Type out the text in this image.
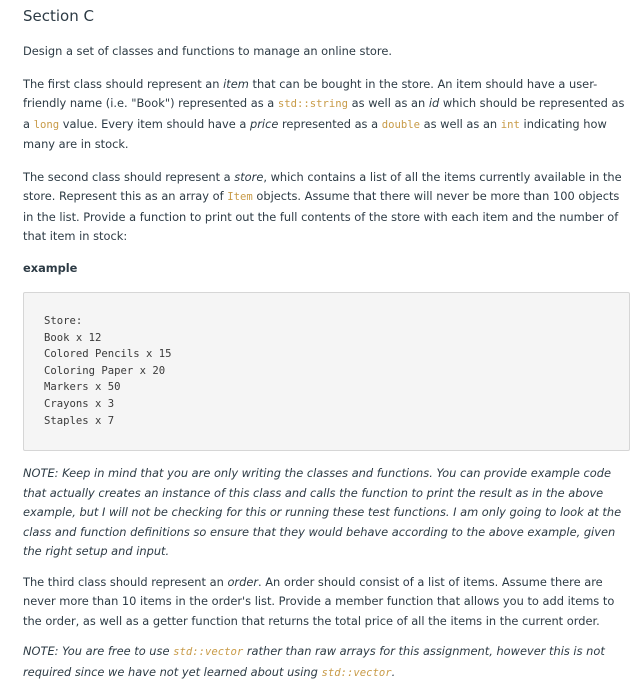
Section C

Design a set of classes and functions to manage an online store.

The first class should represent an item that can be bought in the store. An item should have a user-friendly name (i.e. "Book") represented as a std::string as well as an id which should be represented as a long value. Every item should have a price represented as a double as well as an int indicating how many are in stock.

The second class should represent a store, which contains a list of all the items currently available in the store. Represent this as an array of Item objects. Assume that there will never be more than 100 objects in the list. Provide a function to print out the full contents of the store with each item and the number of that item in stock:

example

Store:
Book x 12
Colored Pencils x 15
Coloring Paper x 20
Markers x 50
Crayons x 3
Staples x 7

NOTE: Keep in mind that you are only writing the classes and functions. You can provide example code that actually creates an instance of this class and calls the function to print the result as in the above example, but I will not be checking for this or running these test functions. I am only going to look at the class and function definitions so ensure that they would behave according to the above example, given the right setup and input.

The third class should represent an order. An order should consist of a list of items. Assume there are never more than 10 items in the order's list. Provide a member function that allows you to add items to the order, as well as a getter function that returns the total price of all the items in the current order.

NOTE: You are free to use std::vector rather than raw arrays for this assignment, however this is not required since we have not yet learned about using std::vector.
